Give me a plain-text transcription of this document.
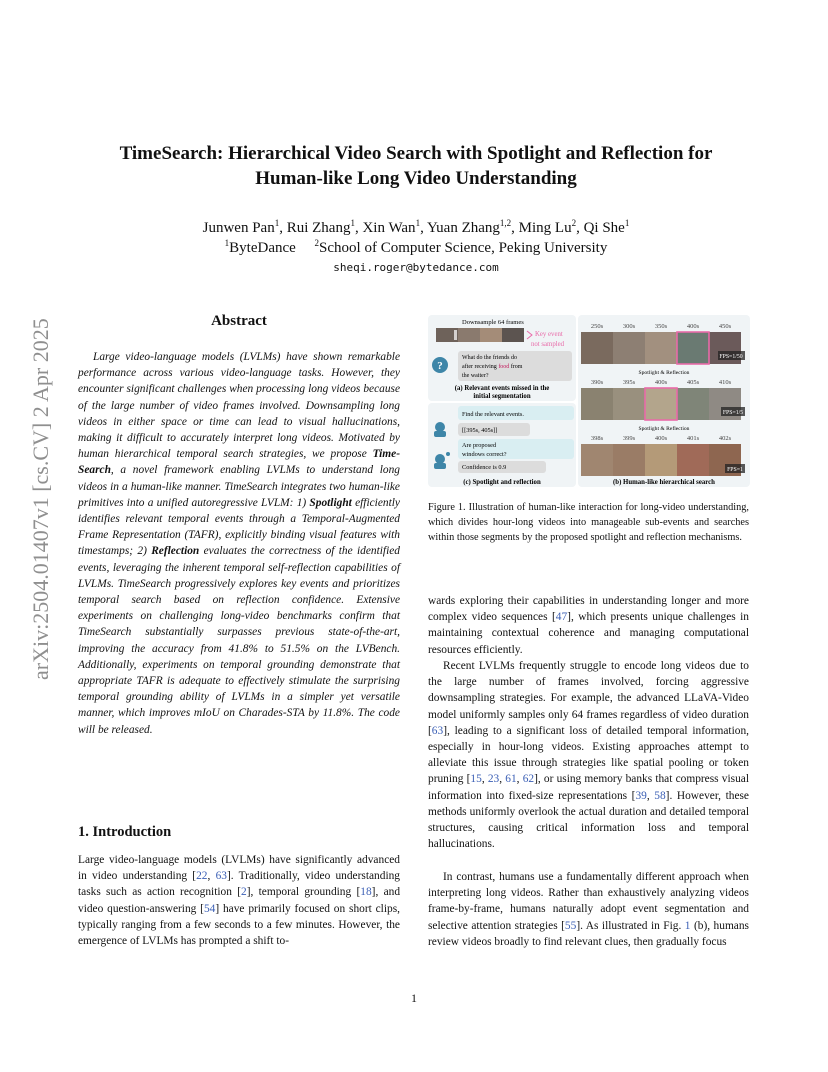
arXiv:2504.01407v1 [cs.CV] 2 Apr 2025
TimeSearch: Hierarchical Video Search with Spotlight and Reflection for
Human-like Long Video Understanding
Junwen Pan$^1$, Rui Zhang$^1$, Xin Wan$^1$, Yuan Zhang$^{1,2}$, Ming Lu$^2$, Qi She$^1$
$^1$ByteDance $^2$School of Computer Science, Peking University
sheqi.roger@bytedance.com
Abstract
Large video-language models (LVLMs) have shown remarkable performance across various video-language tasks. However, they encounter significant challenges when processing long videos because of the large number of video frames involved. Downsampling long videos in either space or time can lead to visual hallucinations, making it difficult to accurately interpret long videos. Motivated by human hierarchical temporal search strategies, we propose Time-Search, a novel framework enabling LVLMs to understand long videos in a human-like manner. TimeSearch integrates two human-like primitives into a unified autoregressive LVLM: 1) Spotlight efficiently identifies relevant temporal events through a Temporal-Augmented Frame Representation (TAFR), explicitly binding visual features with timestamps; 2) Reflection evaluates the correctness of the identified events, leveraging the inherent temporal self-reflection capabilities of LVLMs. TimeSearch progressively explores key events and prioritizes temporal search based on reflection confidence. Extensive experiments on challenging long-video benchmarks confirm that TimeSearch substantially surpasses previous state-of-the-art, improving the accuracy from 41.8% to 51.5% on the LVBench. Additionally, experiments on temporal grounding demonstrate that appropriate TAFR is adequate to effectively stimulate the surprising temporal grounding ability of LVLMs in a simpler yet versatile manner, which improves mIoU on Charades-STA by 11.8%. The code will be released.
1. Introduction
Large video-language models (LVLMs) have significantly advanced in video understanding [22, 63]. Traditionally, video understanding tasks such as action recognition [2], temporal grounding [18], and video question-answering [54] have primarily focused on short clips, typically ranging from a few seconds to a few minutes. However, the emergence of LVLMs has prompted a shift to-
Downsample 64 frames
Key event
not sampled
?
What do the friends do
after receiving food from
the waiter?
(a) Relevant events missed in the
initial segmentation
Find the relevant events.
[[395s, 405s]]
Are proposed
windows correct?
Confidence is 0.9
(c) Spotlight and reflection
250s	300s	350s	400s	450s
FPS=1/50
Spotlight & Reflection
390s	395s	400s	405s	410s
FPS=1/5
Spotlight & Reflection
398s	399s	400s	401s	402s
FPS=1
(b) Human-like hierarchical search
Figure 1. Illustration of human-like interaction for long-video understanding, which divides hour-long videos into manageable sub-events and searches within those segments by the proposed spotlight and reflection mechanisms.
wards exploring their capabilities in understanding longer and more complex video sequences [47], which presents unique challenges in maintaining contextual coherence and managing computational resources efficiently.
Recent LVLMs frequently struggle to encode long videos due to the large number of frames involved, forcing aggressive downsampling strategies. For example, the advanced LLaVA-Video model uniformly samples only 64 frames regardless of video duration [63], leading to a significant loss of detailed temporal information, especially in hour-long videos. Existing approaches attempt to alleviate this issue through strategies like spatial pooling or token pruning [15, 23, 61, 62], or using memory banks that compress visual information into fixed-size representations [39, 58]. However, these methods uniformly overlook the actual duration and detailed temporal structures, causing critical information loss and temporal hallucinations.
In contrast, humans use a fundamentally different approach when interpreting long videos. Rather than exhaustively analyzing videos frame-by-frame, humans naturally adopt event segmentation and selective attention strategies [55]. As illustrated in Fig. 1 (b), humans review videos broadly to find relevant clues, then gradually focus
1
